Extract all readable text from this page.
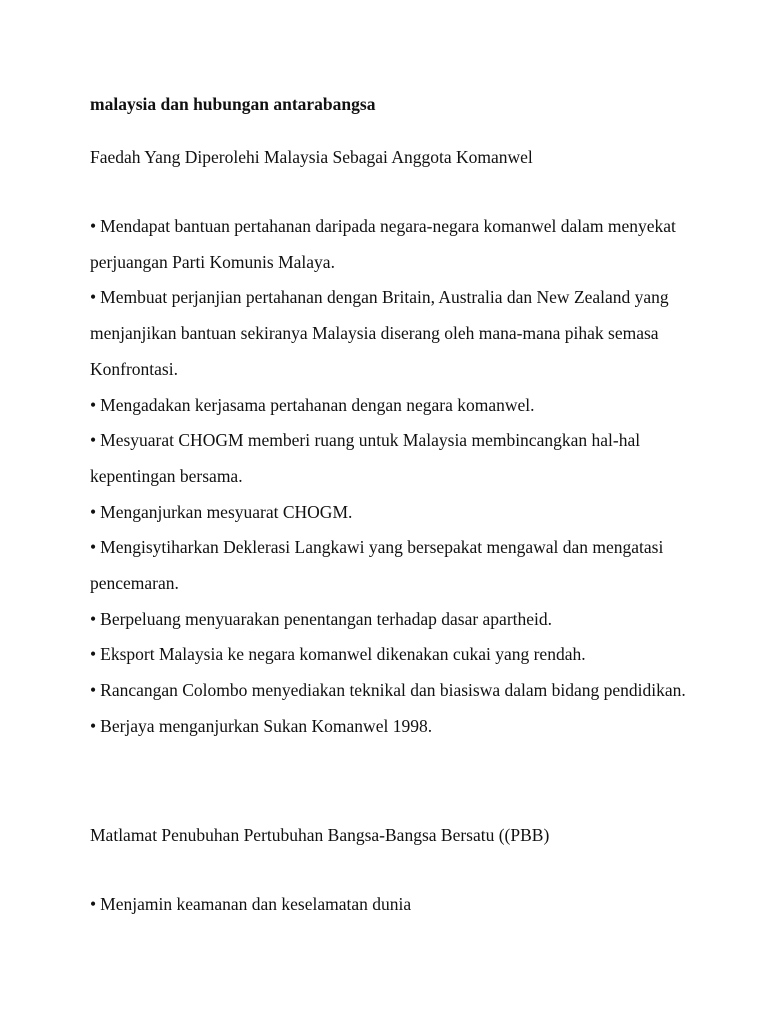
malaysia dan hubungan antarabangsa
Faedah Yang Diperolehi Malaysia Sebagai Anggota Komanwel
• Mendapat bantuan pertahanan daripada negara-negara komanwel dalam menyekat perjuangan Parti Komunis Malaya.
• Membuat perjanjian pertahanan dengan Britain, Australia dan New Zealand yang menjanjikan bantuan sekiranya Malaysia diserang oleh mana-mana pihak semasa Konfrontasi.
• Mengadakan kerjasama pertahanan dengan negara komanwel.
• Mesyuarat CHOGM memberi ruang untuk Malaysia membincangkan hal-hal kepentingan bersama.
• Menganjurkan mesyuarat CHOGM.
• Mengisytiharkan Deklerasi Langkawi yang bersepakat mengawal dan mengatasi pencemaran.
• Berpeluang menyuarakan penentangan terhadap dasar apartheid.
• Eksport Malaysia ke negara komanwel dikenakan cukai yang rendah.
• Rancangan Colombo menyediakan teknikal dan biasiswa dalam bidang pendidikan.
• Berjaya menganjurkan Sukan Komanwel 1998.
Matlamat Penubuhan Pertubuhan Bangsa-Bangsa Bersatu ((PBB)
• Menjamin keamanan dan keselamatan dunia
